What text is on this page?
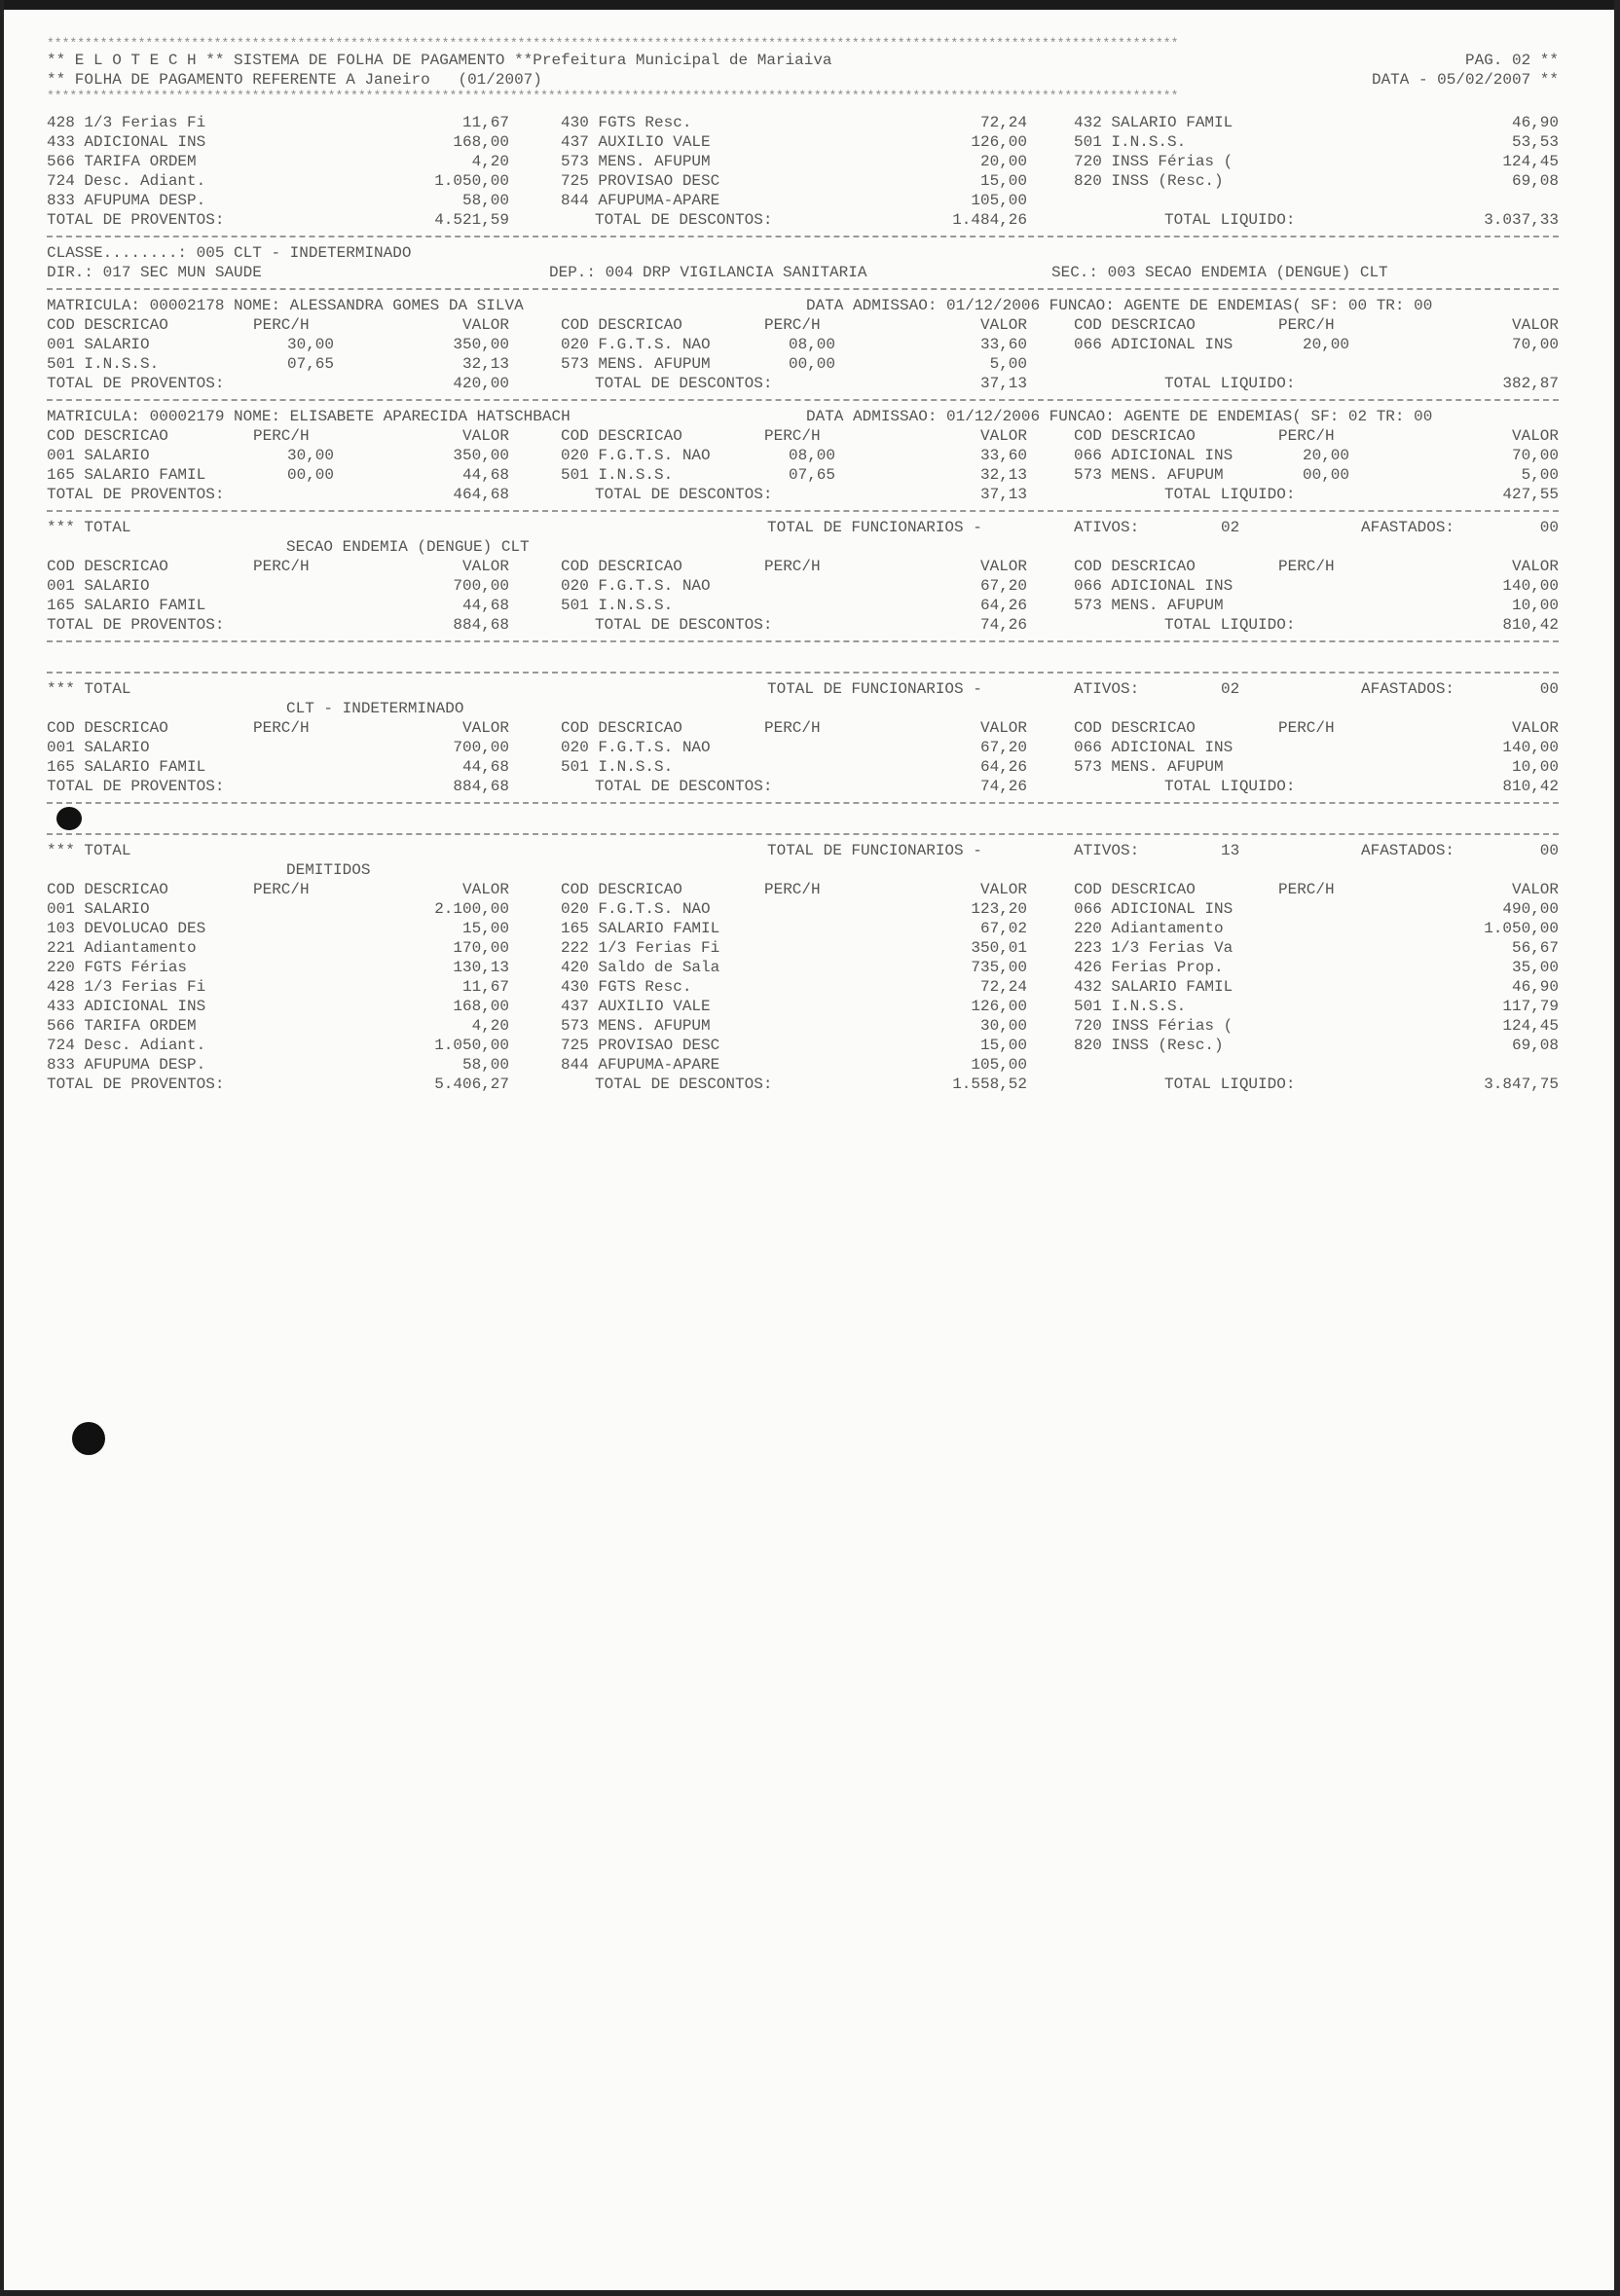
*****************************************************************************************************************************************************

** E L O T E C H ** SISTEMA DE FOLHA DE PAGAMENTO **Prefeitura Municipal de Mariaiva

	PAG. 02 **

** FOLHA DE PAGAMENTO REFERENTE A Janeiro   (01/2007)

	DATA - 05/02/2007 **

*****************************************************************************************************************************************************
428 1/3 Ferias Fi	11,67	430 FGTS Resc.	72,24	432 SALARIO FAMIL	46,90
433 ADICIONAL INS	168,00	437 AUXILIO VALE	126,00	501 I.N.S.S.	53,53
566 TARIFA ORDEM	4,20	573 MENS. AFUPUM	20,00	720 INSS Férias (	124,45
724 Desc. Adiant.	1.050,00	725 PROVISAO DESC	15,00	820 INSS (Resc.)	69,08
833 AFUPUMA DESP.	58,00	844 AFUPUMA-APARE	105,00
TOTAL DE PROVENTOS:	4.521,59	TOTAL DE DESCONTOS:	1.484,26	TOTAL LIQUIDO:	3.037,33

CLASSE........: 005 CLT - INDETERMINADO

DIR.: 017 SEC MUN SAUDE

	DEP.: 004 DRP VIGILANCIA SANITARIA

	SEC.: 003 SECAO ENDEMIA (DENGUE) CLT

MATRICULA: 00002178 NOME: ALESSANDRA GOMES DA SILVA	DATA ADMISSAO: 01/12/2006 FUNCAO: AGENTE DE ENDEMIAS( SF: 00 TR: 00
COD DESCRICAO	PERC/H	VALOR	COD DESCRICAO	PERC/H	VALOR	COD DESCRICAO	PERC/H	VALOR
001 SALARIO	30,00	350,00	020 F.G.T.S. NAO	08,00	33,60	066 ADICIONAL INS	20,00	70,00
501 I.N.S.S.	07,65	32,13	573 MENS. AFUPUM	00,00	5,00
TOTAL DE PROVENTOS:	420,00	TOTAL DE DESCONTOS:	37,13	TOTAL LIQUIDO:	382,87
MATRICULA: 00002179 NOME: ELISABETE APARECIDA HATSCHBACH	DATA ADMISSAO: 01/12/2006 FUNCAO: AGENTE DE ENDEMIAS( SF: 02 TR: 00
COD DESCRICAO	PERC/H	VALOR	COD DESCRICAO	PERC/H	VALOR	COD DESCRICAO	PERC/H	VALOR
001 SALARIO	30,00	350,00	020 F.G.T.S. NAO	08,00	33,60	066 ADICIONAL INS	20,00	70,00
165 SALARIO FAMIL	00,00	44,68	501 I.N.S.S.	07,65	32,13	573 MENS. AFUPUM	00,00	5,00
TOTAL DE PROVENTOS:	464,68	TOTAL DE DESCONTOS:	37,13	TOTAL LIQUIDO:	427,55
*** TOTAL	TOTAL DE FUNCIONARIOS -	ATIVOS:	02	AFASTADOS:	00
SECAO ENDEMIA (DENGUE) CLT
COD DESCRICAO	PERC/H	VALOR	COD DESCRICAO	PERC/H	VALOR	COD DESCRICAO	PERC/H	VALOR
001 SALARIO	700,00	020 F.G.T.S. NAO	67,20	066 ADICIONAL INS	140,00
165 SALARIO FAMIL	44,68	501 I.N.S.S.	64,26	573 MENS. AFUPUM	10,00
TOTAL DE PROVENTOS:	884,68	TOTAL DE DESCONTOS:	74,26	TOTAL LIQUIDO:	810,42
*** TOTAL	TOTAL DE FUNCIONARIOS -	ATIVOS:	02	AFASTADOS:	00
CLT - INDETERMINADO
COD DESCRICAO	PERC/H	VALOR	COD DESCRICAO	PERC/H	VALOR	COD DESCRICAO	PERC/H	VALOR
001 SALARIO	700,00	020 F.G.T.S. NAO	67,20	066 ADICIONAL INS	140,00
165 SALARIO FAMIL	44,68	501 I.N.S.S.	64,26	573 MENS. AFUPUM	10,00
TOTAL DE PROVENTOS:	884,68	TOTAL DE DESCONTOS:	74,26	TOTAL LIQUIDO:	810,42
*** TOTAL	TOTAL DE FUNCIONARIOS -	ATIVOS:	13	AFASTADOS:	00
DEMITIDOS
COD DESCRICAO	PERC/H	VALOR	COD DESCRICAO	PERC/H	VALOR	COD DESCRICAO	PERC/H	VALOR
001 SALARIO	2.100,00	020 F.G.T.S. NAO	123,20	066 ADICIONAL INS	490,00
103 DEVOLUCAO DES	15,00	165 SALARIO FAMIL	67,02	220 Adiantamento	1.050,00
221 Adiantamento	170,00	222 1/3 Ferias Fi	350,01	223 1/3 Ferias Va	56,67
220 FGTS Férias	130,13	420 Saldo de Sala	735,00	426 Ferias Prop.	35,00
428 1/3 Ferias Fi	11,67	430 FGTS Resc.	72,24	432 SALARIO FAMIL	46,90
433 ADICIONAL INS	168,00	437 AUXILIO VALE	126,00	501 I.N.S.S.	117,79
566 TARIFA ORDEM	4,20	573 MENS. AFUPUM	30,00	720 INSS Férias (	124,45
724 Desc. Adiant.	1.050,00	725 PROVISAO DESC	15,00	820 INSS (Resc.)	69,08
833 AFUPUMA DESP.	58,00	844 AFUPUMA-APARE	105,00
TOTAL DE PROVENTOS:	5.406,27	TOTAL DE DESCONTOS:	1.558,52	TOTAL LIQUIDO:	3.847,75
